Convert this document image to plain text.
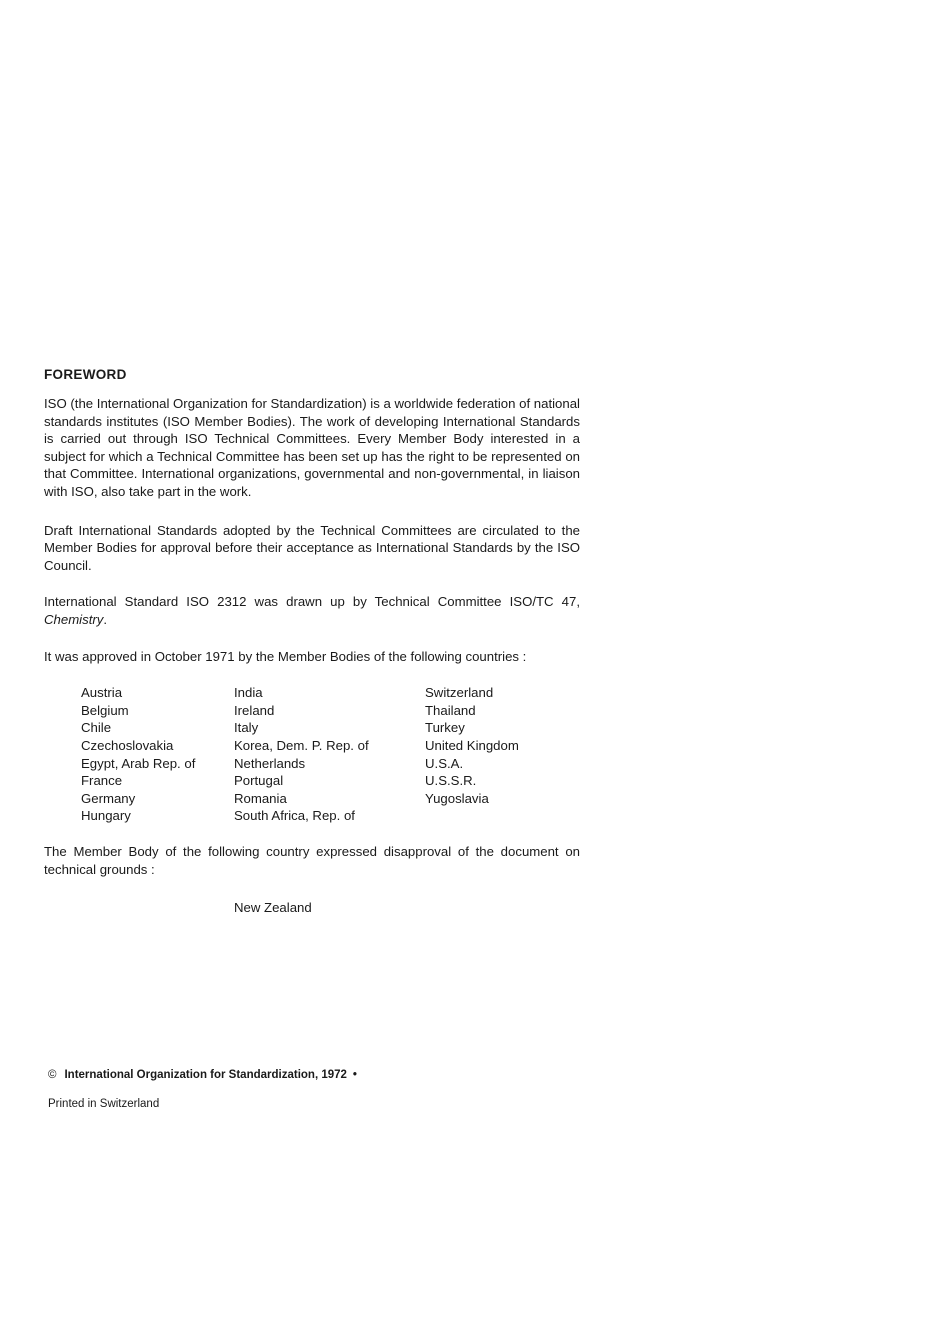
FOREWORD

ISO (the International Organization for Standardization) is a worldwide federation of national standards institutes (ISO Member Bodies). The work of developing International Standards is carried out through ISO Technical Committees. Every Member Body interested in a subject for which a Technical Committee has been set up has the right to be represented on that Committee. International organizations, governmental and non-governmental, in liaison with ISO, also take part in the work.

Draft International Standards adopted by the Technical Committees are circulated to the Member Bodies for approval before their acceptance as International Standards by the ISO Council.

International Standard ISO 2312 was drawn up by Technical Committee ISO/TC 47, Chemistry.

It was approved in October 1971 by the Member Bodies of the following countries :

Austria
Belgium
Chile
Czechoslovakia
Egypt, Arab Rep. of
France
Germany
Hungary
India
Ireland
Italy
Korea, Dem. P. Rep. of
Netherlands
Portugal
Romania
South Africa, Rep. of
Switzerland
Thailand
Turkey
United Kingdom
U.S.A.
U.S.S.R.
Yugoslavia

The Member Body of the following country expressed disapproval of the document on technical grounds :

New Zealand
© International Organization for Standardization, 1972 •
Printed in Switzerland
